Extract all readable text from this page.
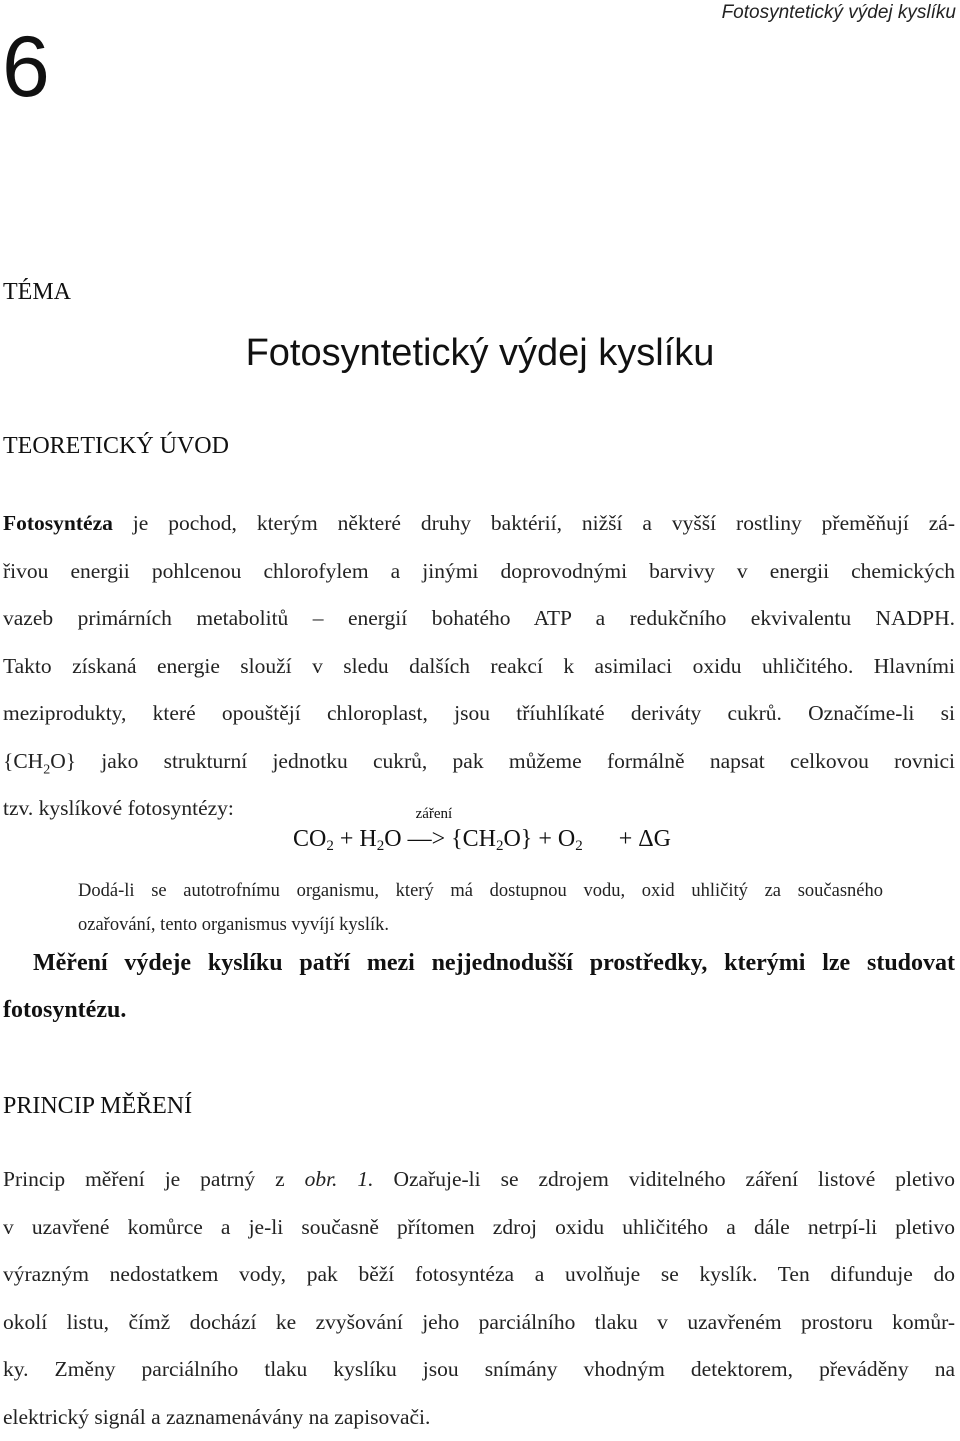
Fotosyntetický výdej kyslíku
6
TÉMA
Fotosyntetický výdej kyslíku
TEORETICKÝ ÚVOD
Fotosyntéza je pochod, kterým některé druhy baktérií, nižší a vyšší rostliny přeměňují zá-
řivou energii pohlcenou chlorofylem a jinými doprovodnými barvivy v energii chemických
vazeb primárních metabolitů – energií bohatého ATP a redukčního ekvivalentu NADPH.
Takto získaná energie slouží v sledu dalších reakcí k asimilaci oxidu uhličitého. Hlavními
meziprodukty, které opouštějí chloroplast, jsou tříuhlíkaté deriváty cukrů. Označíme-li si
$\{CH_2O\}$ jako strukturní jednotku cukrů, pak můžeme formálně napsat celkovou rovnici
tzv. kyslíkové fotosyntézy:
$CO_2 + H_2O$
záření
—> $\{CH_2O\} + O_2 + \Delta G$
Dodá-li se autotrofnímu organismu, který má dostupnou vodu, oxid uhličitý za současného
ozařování, tento organismus vyvíjí kyslík.
Měření výdeje kyslíku patří mezi nejjednodušší prostředky, kterými lze studovat
fotosyntézu.
PRINCIP MĚŘENÍ
Princip měření je patrný z obr. 1. Ozařuje-li se zdrojem viditelného záření listové pletivo
v uzavřené komůrce a je-li současně přítomen zdroj oxidu uhličitého a dále netrpí-li pletivo
výrazným nedostatkem vody, pak běží fotosyntéza a uvolňuje se kyslík. Ten difunduje do
okolí listu, čímž dochází ke zvyšování jeho parciálního tlaku v uzavřeném prostoru komůr-
ky. Změny parciálního tlaku kyslíku jsou snímány vhodným detektorem, převáděny na
elektrický signál a zaznamenávány na zapisovači.
